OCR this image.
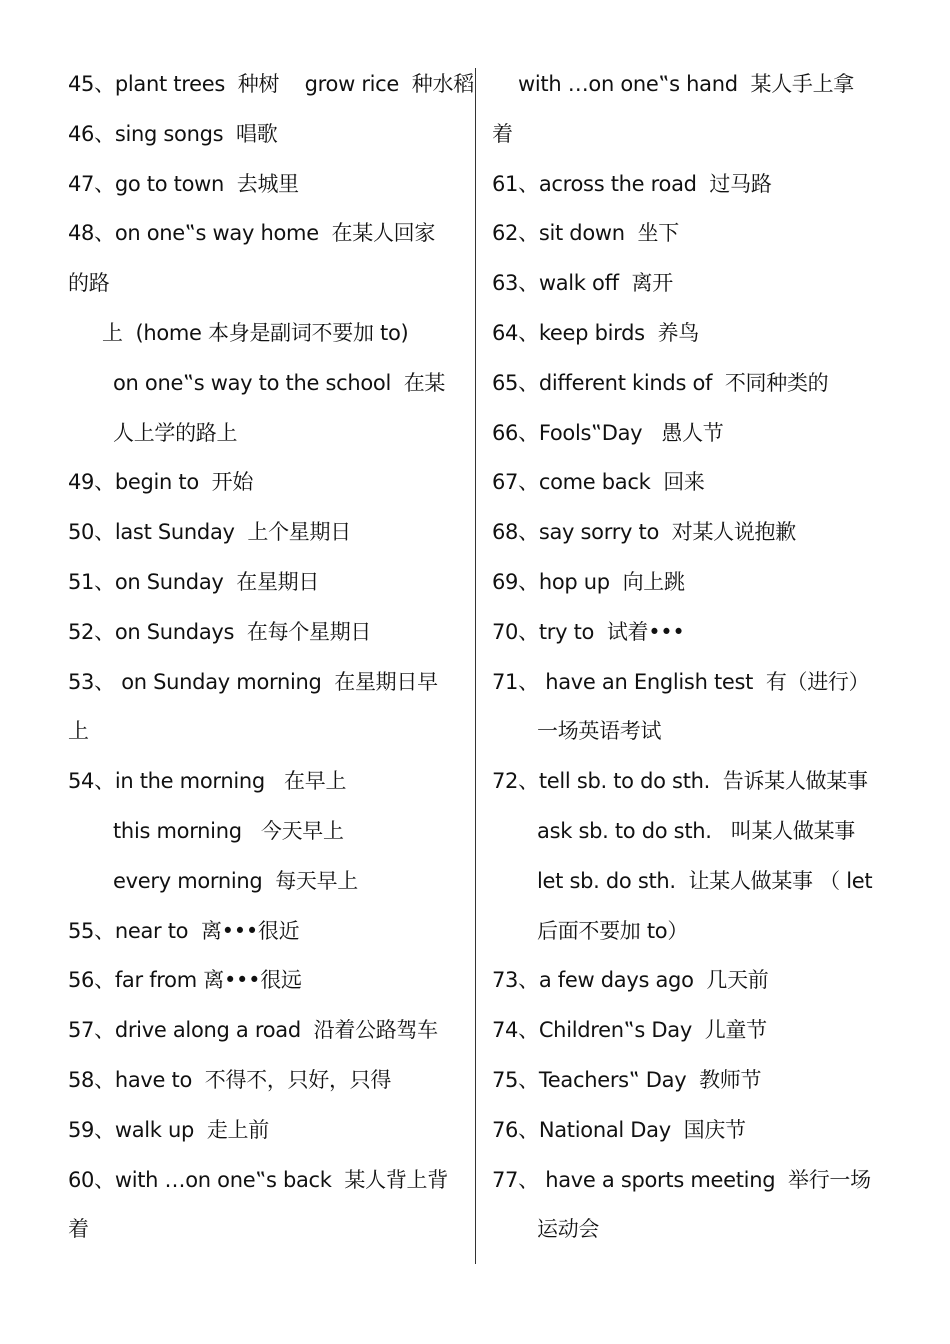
45、plant trees  种树    grow rice  种水稻
46、sing songs  唱歌
47、go to town  去城里
48、on one‟s way home  在某人回家
的路
上  (home 本身是副词不要加 to)
on one‟s way to the school  在某
人上学的路上
49、begin to  开始
50、last Sunday  上个星期日
51、on Sunday  在星期日
52、on Sundays  在每个星期日
53、 on Sunday morning  在星期日早
上
54、in the morning   在早上
this morning   今天早上
every morning  每天早上
55、near to  离•••很近
56、far from 离•••很远
57、drive along a road  沿着公路驾车
58、have to  不得不，只好，只得
59、walk up  走上前
60、with …on one‟s back  某人背上背
着
with …on one‟s hand  某人手上拿
着
61、across the road  过马路
62、sit down  坐下
63、walk off  离开
64、keep birds  养鸟
65、different kinds of  不同种类的
66、Fools‟Day   愚人节
67、come back  回来
68、say sorry to  对某人说抱歉
69、hop up  向上跳
70、try to  试着•••
71、 have an English test  有（进行）
一场英语考试
72、tell sb. to do sth.  告诉某人做某事
ask sb. to do sth.   叫某人做某事
let sb. do sth.  让某人做某事 （ let
后面不要加 to）
73、a few days ago  几天前
74、Children‟s Day  儿童节
75、Teachers‟ Day  教师节
76、National Day  国庆节
77、 have a sports meeting  举行一场
运动会
